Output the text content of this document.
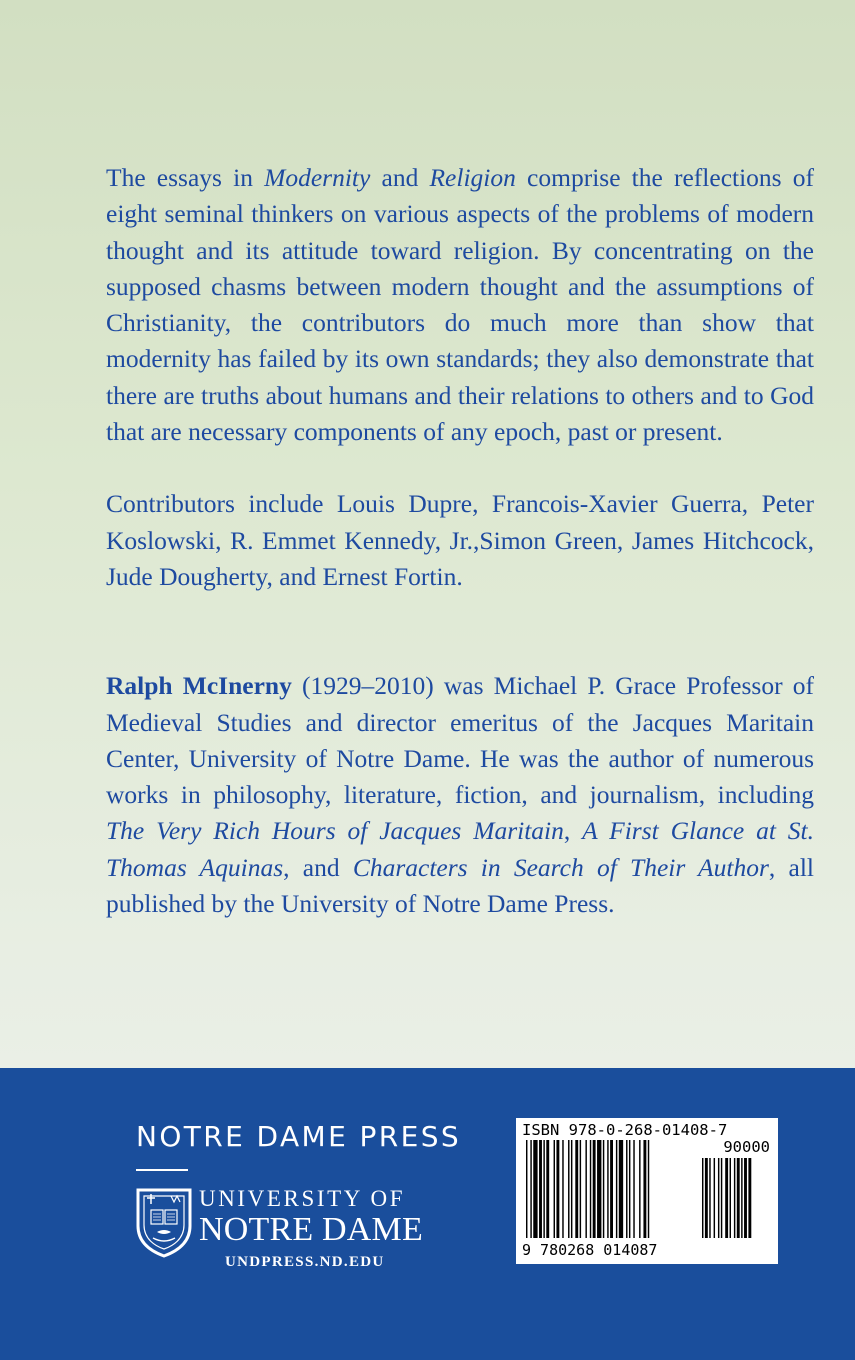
The essays in Modernity and Religion comprise the reflections of eight seminal thinkers on various aspects of the problems of modern thought and its attitude toward religion. By concentrating on the supposed chasms between modern thought and the assumptions of Christianity, the contributors do much more than show that modernity has failed by its own standards; they also demonstrate that there are truths about humans and their relations to others and to God that are necessary components of any epoch, past or present.

Contributors include Louis Dupre, Francois-Xavier Guerra, Peter Koslowski, R. Emmet Kennedy, Jr.,Simon Green, James Hitchcock, Jude Dougherty, and Ernest Fortin.

Ralph McInerny (1929–2010) was Michael P. Grace Professor of Medieval Studies and director emeritus of the Jacques Maritain Center, University of Notre Dame. He was the author of numerous works in philosophy, literature, fiction, and journalism, including The Very Rich Hours of Jacques Maritain, A First Glance at St. Thomas Aquinas, and Characters in Search of Their Author, all published by the University of Notre Dame Press.

NOTRE DAME PRESS
UNIVERSITY OF
NOTRE DAME
UNDPRESS.ND.EDU
ISBN 978-0-268-01408-7
90000
9 780268 014087
